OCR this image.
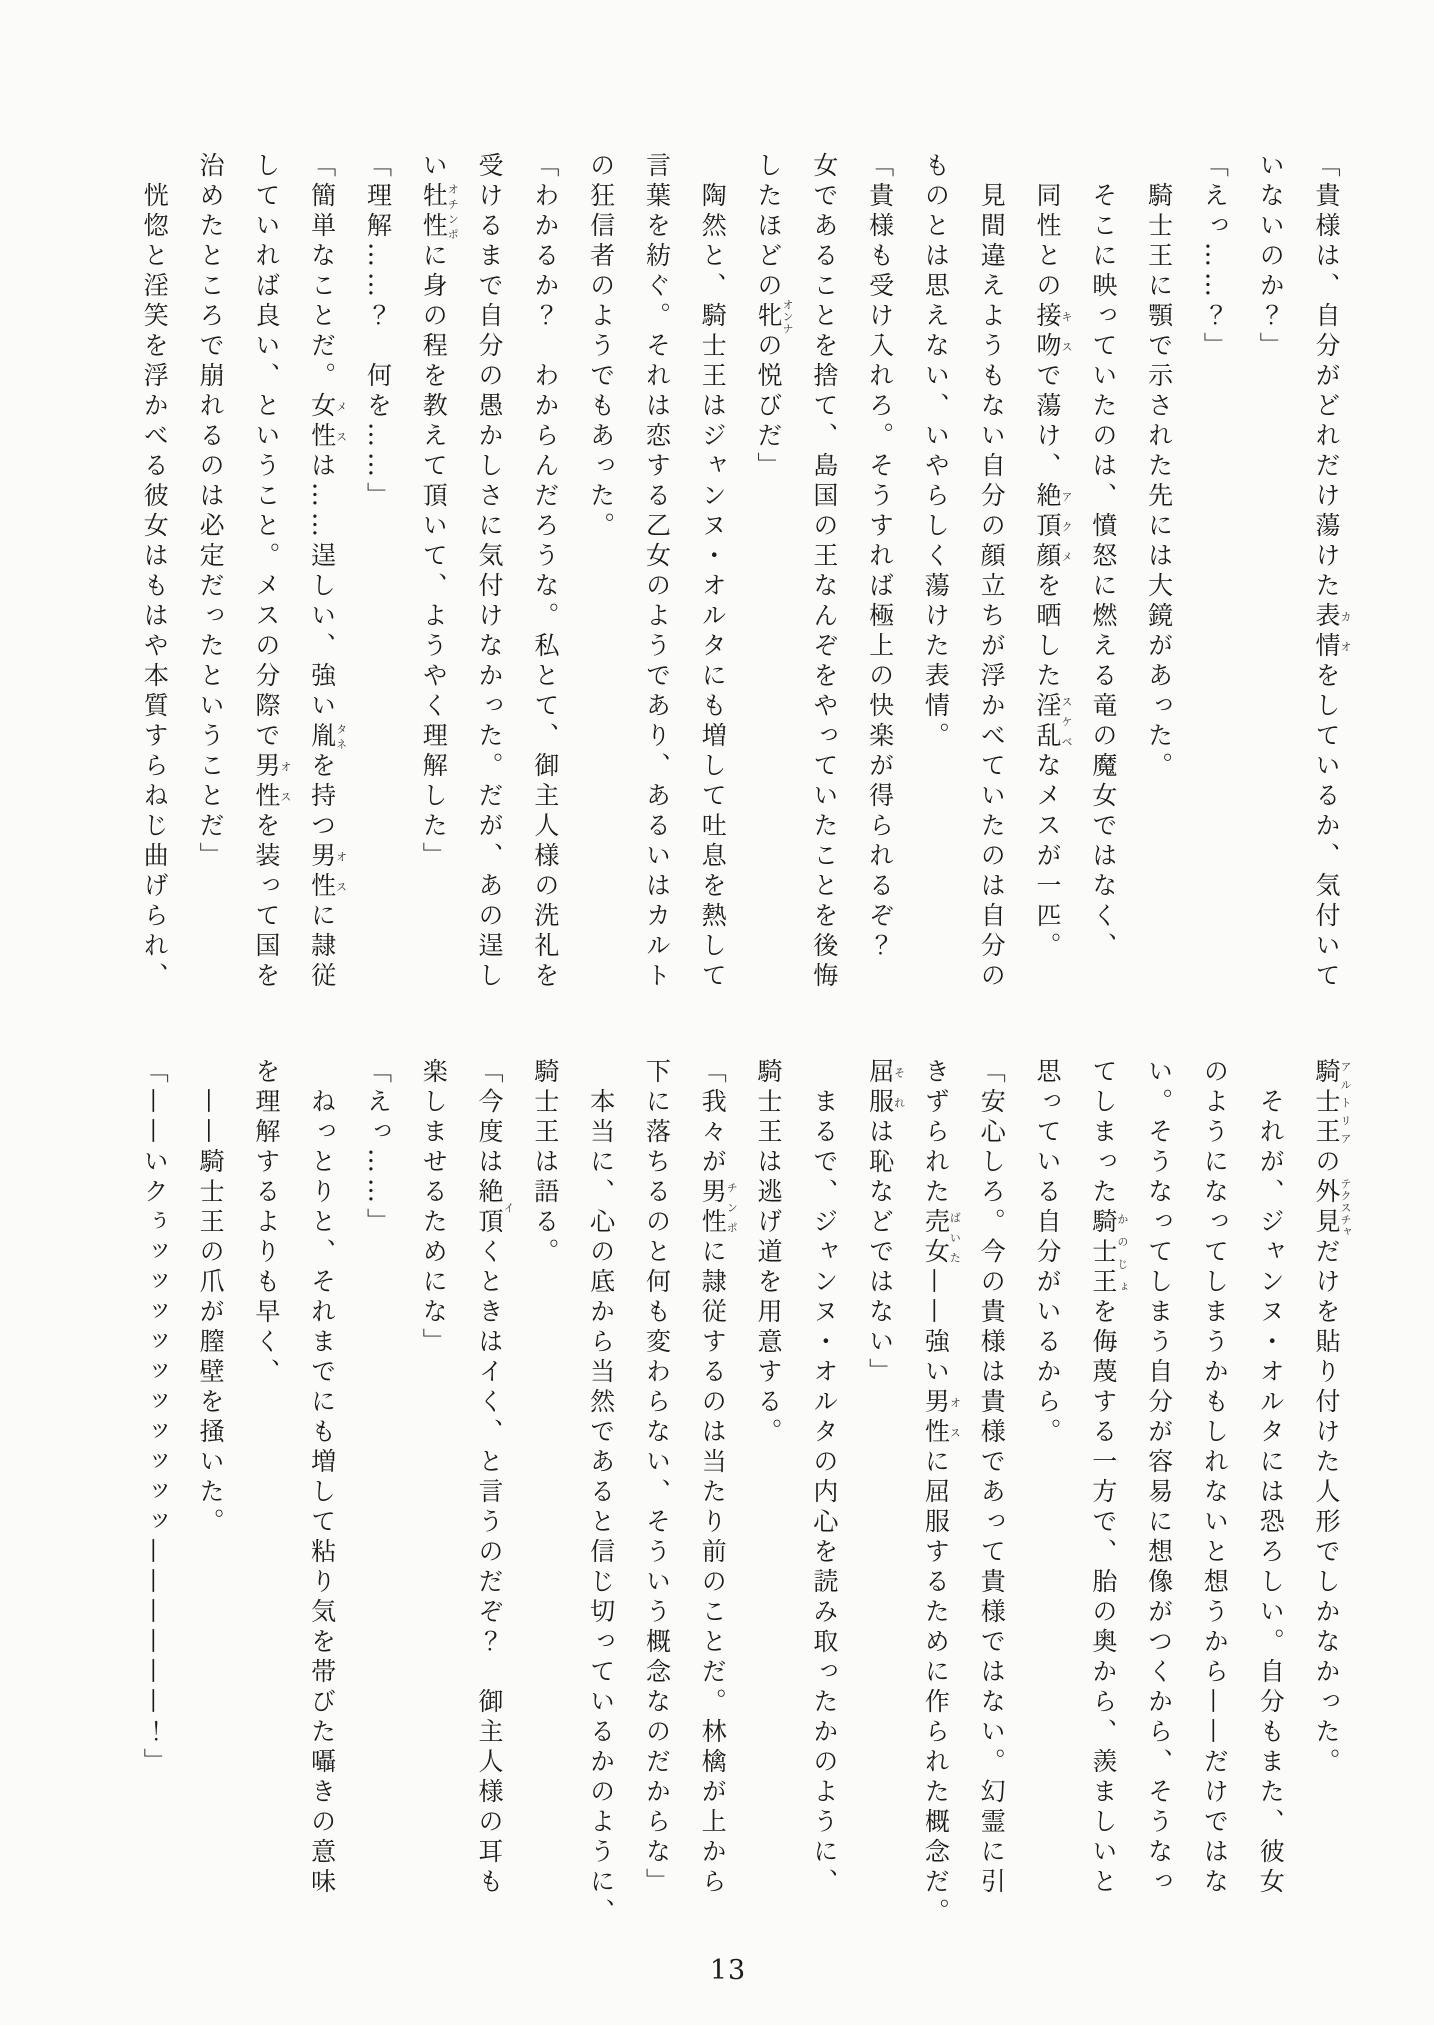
「貴様は、自分がどれだけ蕩けた表情カオをしているか、気付いて

いないのか？」

「えっ……？」

　騎士王に顎で示された先には大鏡があった。

　そこに映っていたのは、憤怒に燃える竜の魔女ではなく、

　同性との接吻キスで蕩け、絶頂顔アクメを晒した淫乱スケベなメスが一匹。

　見間違えようもない自分の顔立ちが浮かべていたのは自分の

ものとは思えない、いやらしく蕩けた表情。

「貴様も受け入れろ。そうすれば極上の快楽が得られるぞ？

女であることを捨て、島国の王なんぞをやっていたことを後悔

したほどの牝オンナの悦びだ」

　陶然と、騎士王はジャンヌ・オルタにも増して吐息を熱して

言葉を紡ぐ。それは恋する乙女のようであり、あるいはカルト

の狂信者のようでもあった。

「わかるか？　わからんだろうな。私とて、御主人様の洗礼を

受けるまで自分の愚かしさに気付けなかった。だが、あの逞し

い牡性オチンポに身の程を教えて頂いて、ようやく理解した」

「理解……？　何を……」

「簡単なことだ。女性メスは……逞しい、強い胤タネを持つ男性オスに隷従

していれば良い、ということ。メスの分際で男性オスを装って国を

治めたところで崩れるのは必定だったということだ」

　恍惚と淫笑を浮かべる彼女はもはや本質すらねじ曲げられ、

騎士王アルトリアの外見テクスチャだけを貼り付けた人形でしかなかった。

　それが、ジャンヌ・オルタには恐ろしい。自分もまた、彼女

のようになってしまうかもしれないと想うから——だけではな

い。そうなってしまう自分が容易に想像がつくから、そうなっ

てしまった騎士王かのじょを侮蔑する一方で、胎の奥から、羨ましいと

思っている自分がいるから。

「安心しろ。今の貴様は貴様であって貴様ではない。幻霊に引

きずられた売女ばいた——強い男性オスに屈服するために作られた概念だ。

屈服それは恥などではない」

　まるで、ジャンヌ・オルタの内心を読み取ったかのように、

騎士王は逃げ道を用意する。

「我々が男性チンポに隷従するのは当たり前のことだ。林檎が上から

下に落ちるのと何も変わらない、そういう概念なのだからな」

　本当に、心の底から当然であると信じ切っているかのように、

騎士王は語る。

「今度は絶頂イくときはイく、と言うのだぞ？　御主人様の耳も

楽しませるためにな」

「えっ……」

　ねっとりと、それまでにも増して粘り気を帯びた囁きの意味

を理解するよりも早く、

　——騎士王の爪が膣壁を掻いた。

「——いクぅッッッッッッッッッッ——————！」

13
